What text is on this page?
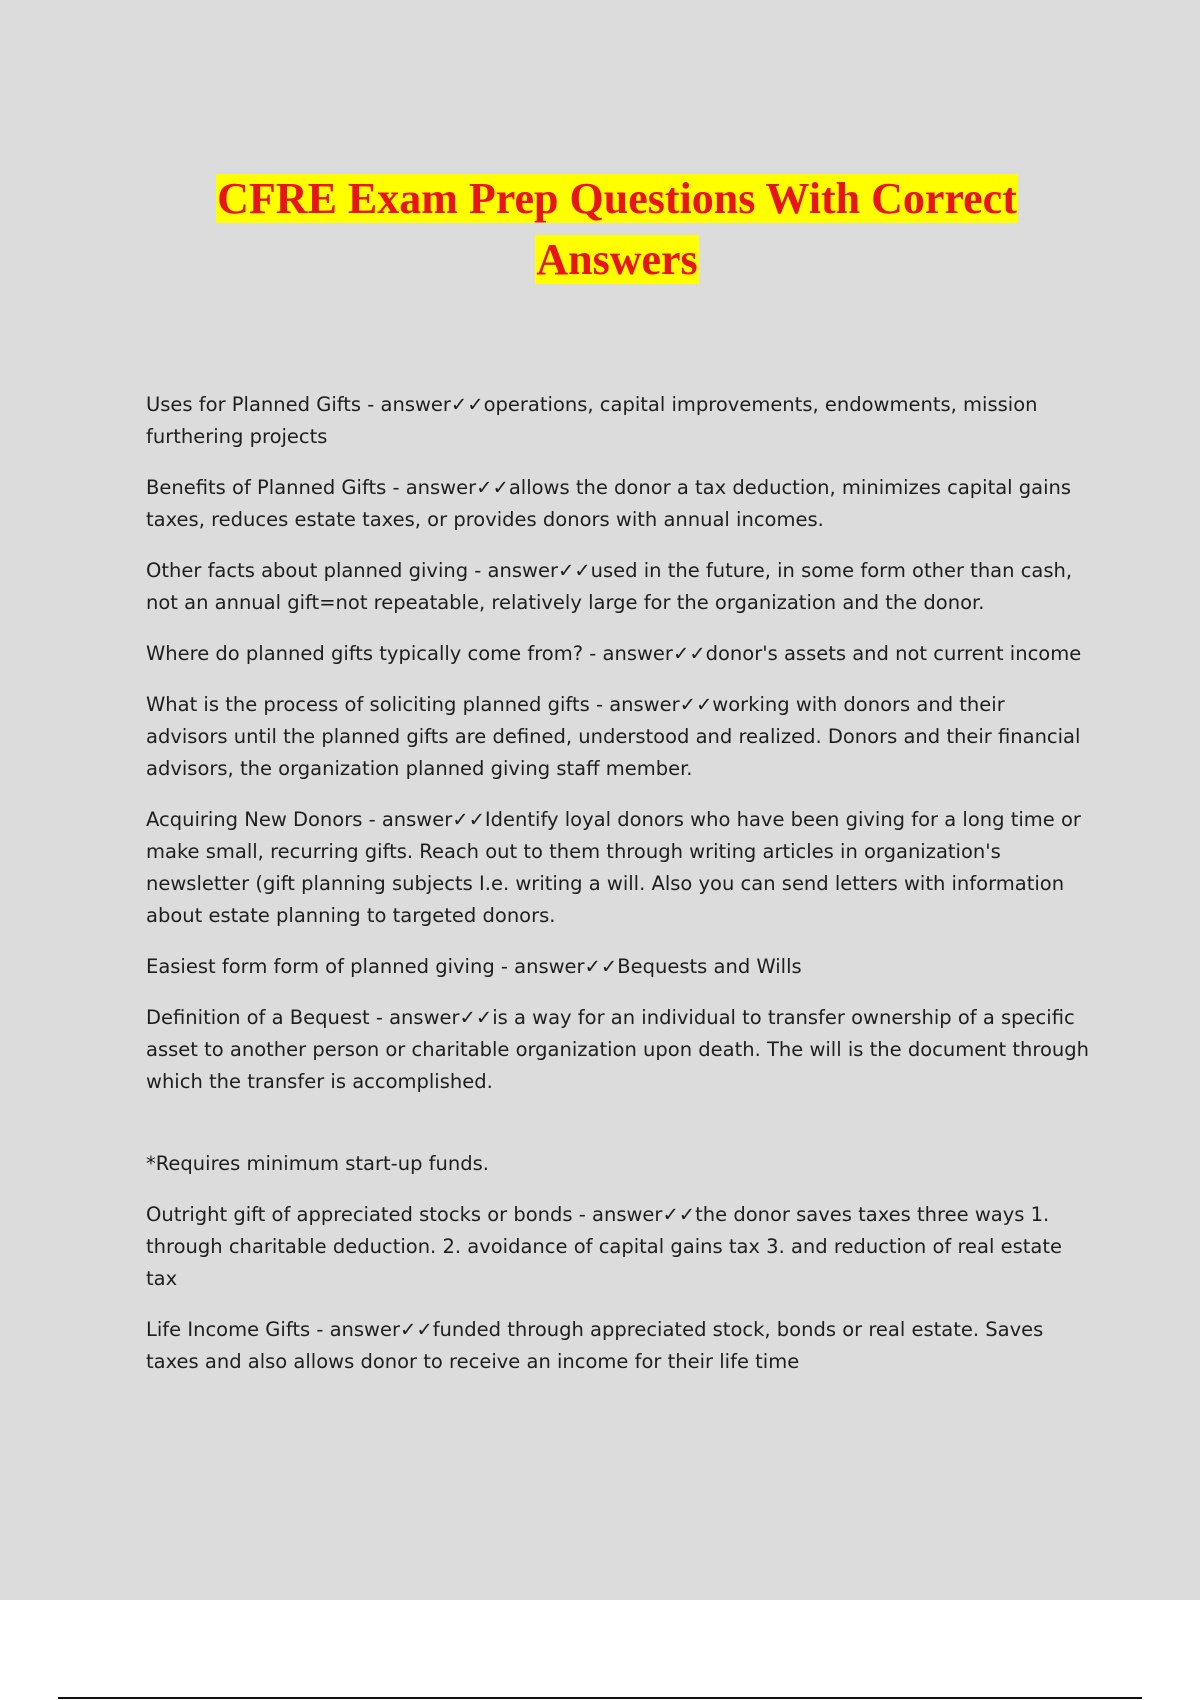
CFRE Exam Prep Questions With Correct
Answers

Uses for Planned Gifts - answer✓✓operations, capital improvements, endowments, mission furthering projects

Benefits of Planned Gifts - answer✓✓allows the donor a tax deduction, minimizes capital gains taxes, reduces estate taxes, or provides donors with annual incomes.

Other facts about planned giving - answer✓✓used in the future, in some form other than cash, not an annual gift=not repeatable, relatively large for the organization and the donor.

Where do planned gifts typically come from? - answer✓✓donor's assets and not current income

What is the process of soliciting planned gifts - answer✓✓working with donors and their advisors until the planned gifts are defined, understood and realized. Donors and their financial advisors, the organization planned giving staff member.

Acquiring New Donors - answer✓✓Identify loyal donors who have been giving for a long time or make small, recurring gifts. Reach out to them through writing articles in organization's newsletter (gift planning subjects I.e. writing a will. Also you can send letters with information about estate planning to targeted donors.

Easiest form form of planned giving - answer✓✓Bequests and Wills

Definition of a Bequest - answer✓✓is a way for an individual to transfer ownership of a specific asset to another person or charitable organization upon death. The will is the document through which the transfer is accomplished.

*Requires minimum start-up funds.

Outright gift of appreciated stocks or bonds - answer✓✓the donor saves taxes three ways 1. through charitable deduction. 2. avoidance of capital gains tax 3. and reduction of real estate tax

Life Income Gifts - answer✓✓funded through appreciated stock, bonds or real estate. Saves taxes and also allows donor to receive an income for their life time
